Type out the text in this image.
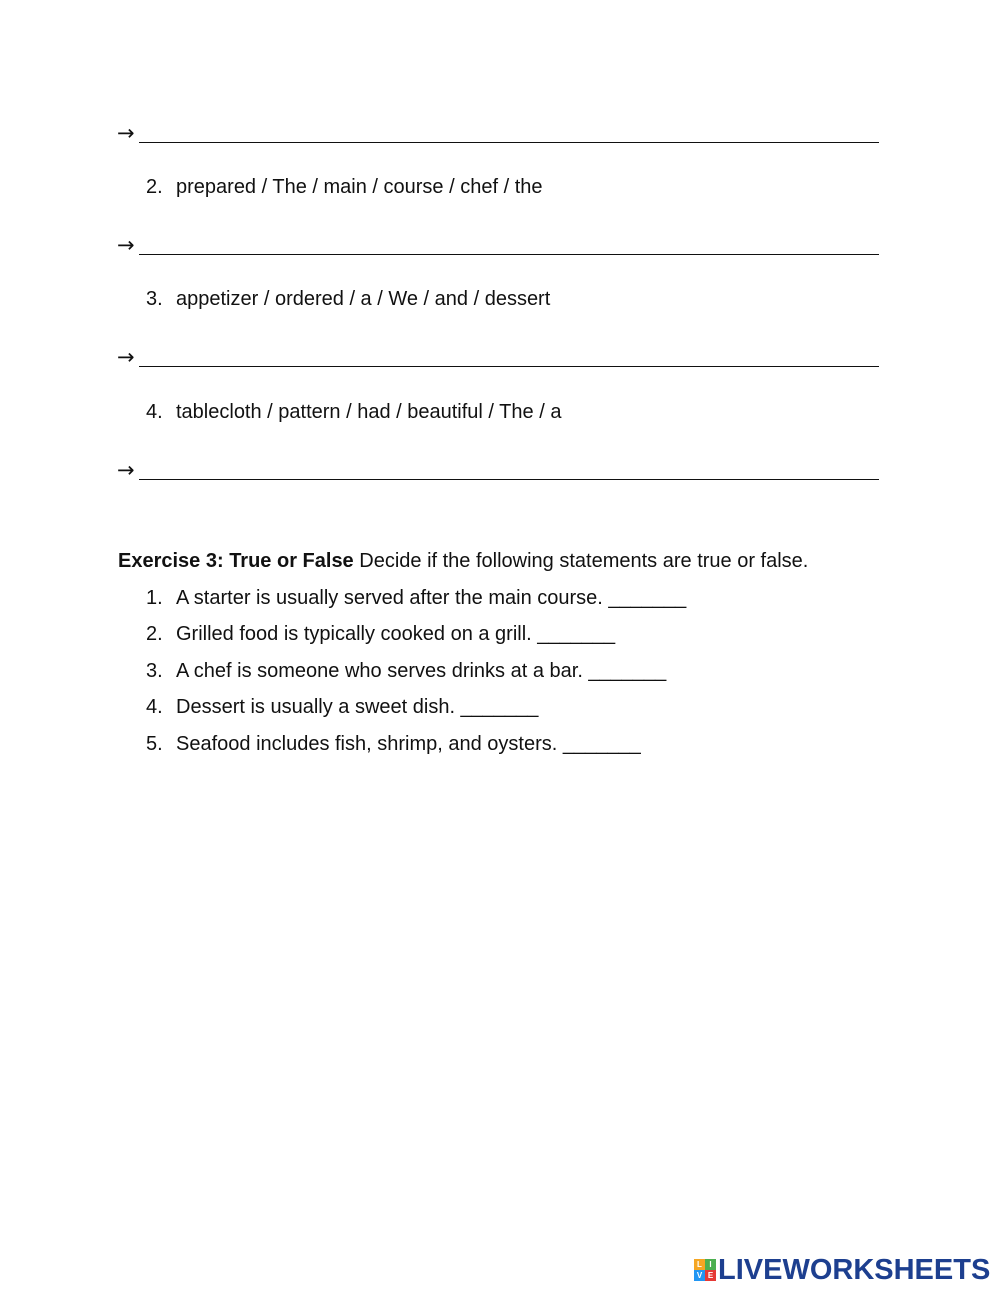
→
2. prepared / The / main / course / chef / the
→
3. appetizer / ordered / a / We / and / dessert
→
4. tablecloth / pattern / had / beautiful / The / a
→
Exercise 3: True or False Decide if the following statements are true or false.
1. A starter is usually served after the main course. _______
2. Grilled food is typically cooked on a grill. _______
3. A chef is someone who serves drinks at a bar. _______
4. Dessert is usually a sweet dish. _______
5. Seafood includes fish, shrimp, and oysters. _______
L I
V E LIVEWORKSHEETS
